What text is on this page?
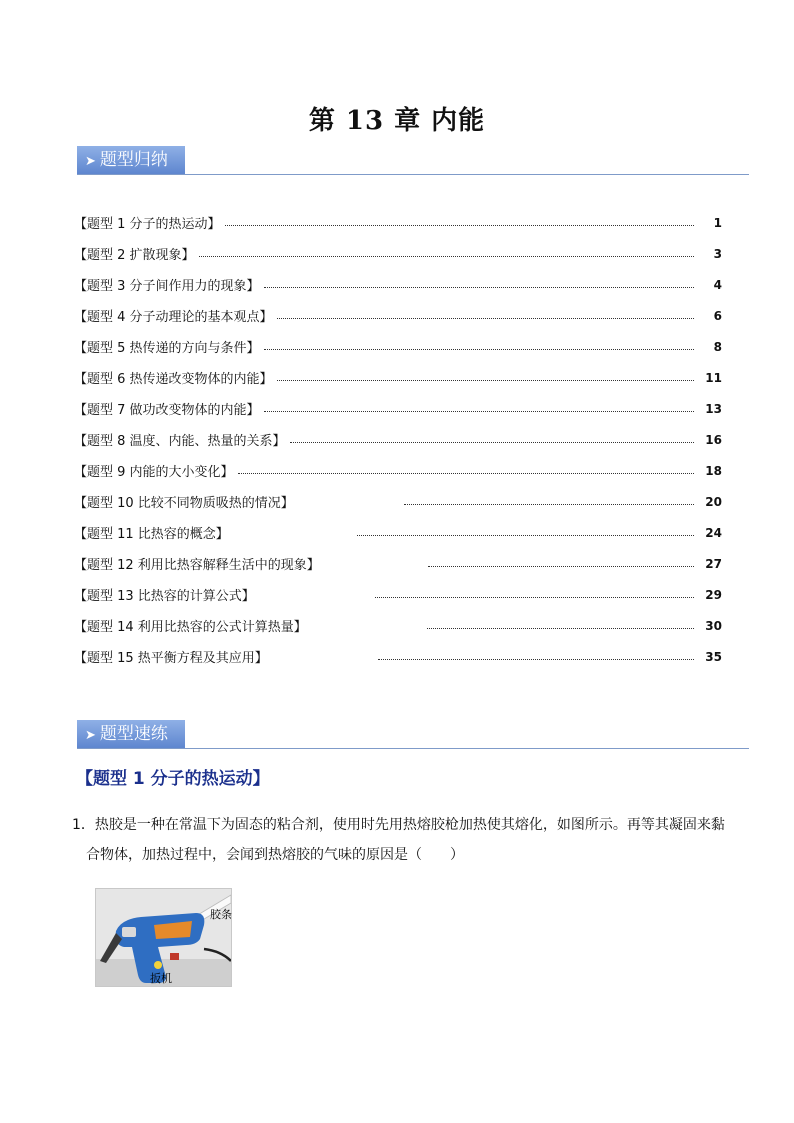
第 13 章 内能
➤ 题型归纳
【题型 1 分子的热运动】	1
【题型 2 扩散现象】	3
【题型 3 分子间作用力的现象】	4
【题型 4 分子动理论的基本观点】	6
【题型 5 热传递的方向与条件】	8
【题型 6 热传递改变物体的内能】	11
【题型 7 做功改变物体的内能】	13
【题型 8 温度、内能、热量的关系】	16
【题型 9 内能的大小变化】	18
【题型 10 比较不同物质吸热的情况】	20
【题型 11 比热容的概念】	24
【题型 12 利用比热容解释生活中的现象】	27
【题型 13 比热容的计算公式】	29
【题型 14 利用比热容的公式计算热量】	30
【题型 15 热平衡方程及其应用】	35
➤ 题型速练
【题型 1 分子的热运动】
1．热胶是一种在常温下为固态的粘合剂，使用时先用热熔胶枪加热使其熔化，如图所示。再等其凝固来黏
合物体，加热过程中，会闻到热熔胶的气味的原因是（　　）
胶条
扳机
